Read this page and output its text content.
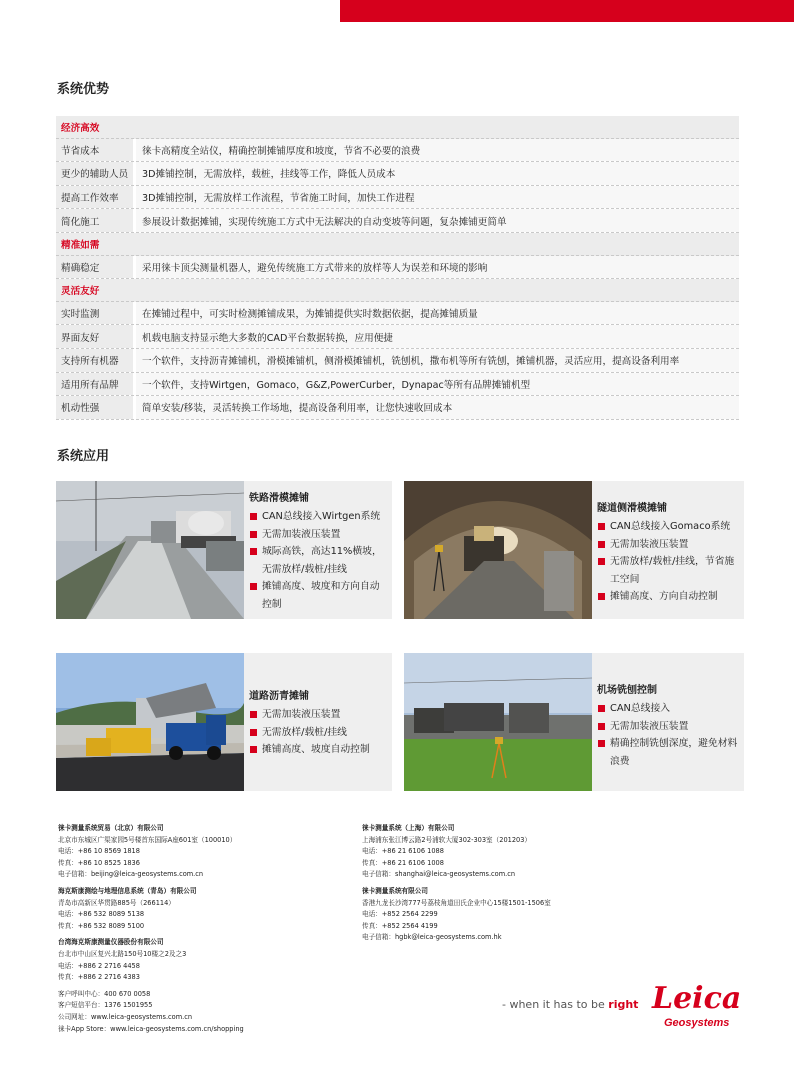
系统优势
经济高效
节省成本	徕卡高精度全站仪，精确控制摊铺厚度和坡度，节省不必要的浪费
更少的辅助人员	3D摊铺控制，无需放样，载桩，挂线等工作，降低人员成本
提高工作效率	3D摊铺控制，无需放样工作流程，节省施工时间，加快工作进程
简化施工	参展设计数据摊铺，实现传统施工方式中无法解决的自动变坡等问题，复杂摊铺更简单
精准如需
精确稳定	采用徕卡顶尖测量机器人，避免传统施工方式带来的放样等人为误差和环境的影响
灵活友好
实时监测	在摊铺过程中，可实时检测摊铺成果，为摊铺提供实时数据依据，提高摊铺质量
界面友好	机载电脑支持显示绝大多数的CAD平台数据转换，应用便捷
支持所有机器	一个软件，支持沥青摊铺机，滑模摊铺机，侧滑模摊铺机，铣刨机，撒布机等所有铣刨，摊铺机器，灵活应用，提高设备利用率
适用所有品牌	一个软件，支持Wirtgen，Gomaco，G&Z,PowerCurber，Dynapac等所有品牌摊铺机型
机动性强	简单安装/移装，灵活转换工作场地，提高设备利用率，让您快速收回成本
系统应用
铁路滑模摊铺
CAN总线接入Wirtgen系统
无需加装液压装置
城际高铁，高达11%横坡，无需放样/载桩/挂线
摊铺高度、坡度和方向自动控制
隧道侧滑模摊铺
CAN总线接入Gomaco系统
无需加装液压装置
无需放样/载桩/挂线，节省施工空间
摊铺高度、方向自动控制
道路沥青摊铺
无需加装液压装置
无需放样/载桩/挂线
摊铺高度、坡度自动控制
机场铣刨控制
CAN总线接入
无需加装液压装置
精确控制铣刨深度，避免材料浪费
徕卡测量系统贸易（北京）有限公司
北京市东城区广渠家园5号楼首东国际A座601室（100010）
电话：+86 10 8569 1818
传真：+86 10 8525 1836
电子信箱：beijing@leica-geosystems.com.cn
海克斯康测绘与地理信息系统（青岛）有限公司
青岛市高新区华贯路885号（266114）
电话：+86 532 8089 5138
传真：+86 532 8089 5100
台湾海克斯康测量仪器股份有限公司
台北市中山区复兴北路150号10楼之2及之3
电话：+886 2 2716 4458
传真：+886 2 2716 4383
客户呼叫中心：400 670 0058
客户短信平台：1376 1501955
公司网址：www.leica-geosystems.com.cn
徕卡App Store：www.leica-geosystems.com.cn/shopping
徕卡测量系统（上海）有限公司
上海浦东张江博云路2号浦软大厦302-303室（201203）
电话：+86 21 6106 1088
传真：+86 21 6106 1008
电子信箱：shanghai@leica-geosystems.com.cn
徕卡测量系统有限公司
香港九龙长沙湾777号荔枝角道田氏企业中心15楼1501-1506室
电话：+852 2564 2299
传真：+852 2564 4199
电子信箱：hgbk@leica-geosystems.com.hk
- when it has to be right Leica
Geosystems
